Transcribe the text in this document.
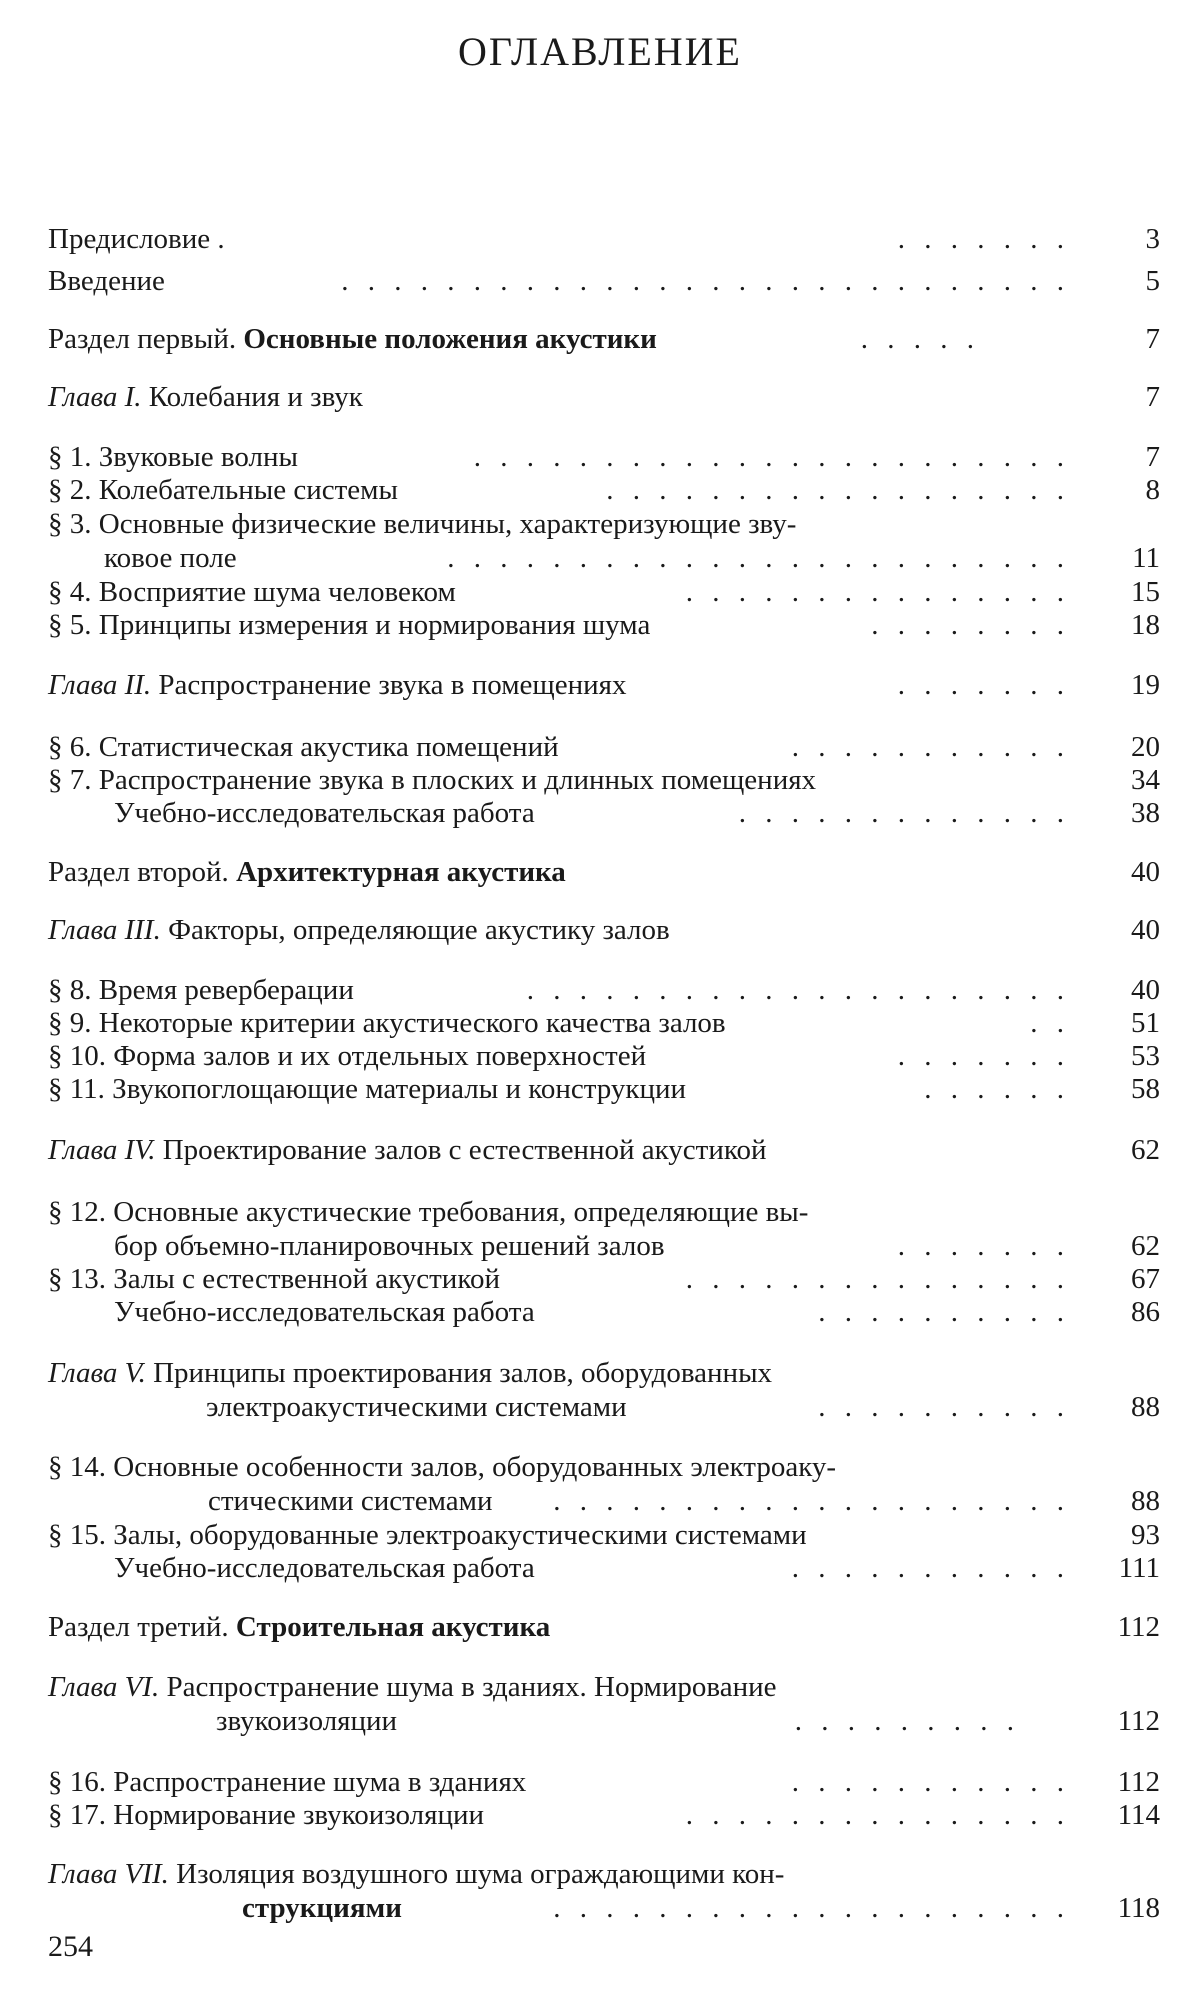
ОГЛАВЛЕНИЕ
Предисловие .	. . . . . . .	3
Введение	. . . . . . . . . . . . . . . . . . . . . . . . . . . .	5
Раздел первый. Основные положения акустики	. . . . .	7
Глава I. Колебания и звук	7
§ 1. Звуковые волны	. . . . . . . . . . . . . . . . . . . . . . .	7
§ 2. Колебательные системы	. . . . . . . . . . . . . . . . . .	8
§ 3. Основные физические величины, характеризующие зву-
ковое поле	. . . . . . . . . . . . . . . . . . . . . . . . 11
§ 4. Восприятие шума человеком	. . . . . . . . . . . . . . . 15
§ 5. Принципы измерения и нормирования шума	. . . . . . . . 18
Глава II. Распространение звука в помещениях	. . . . . . . 19
§ 6. Статистическая акустика помещений	. . . . . . . . . . . 20
§ 7. Распространение звука в плоских и длинных помещениях	34
Учебно-исследовательская работа	. . . . . . . . . . . . . 38
Раздел второй. Архитектурная акустика	40
Глава III. Факторы, определяющие акустику залов	40
§ 8. Время реверберации	. . . . . . . . . . . . . . . . . . . . . 40
§ 9. Некоторые критерии акустического качества залов	. . 51
§ 10. Форма залов и их отдельных поверхностей	. . . . . . . 53
§ 11. Звукопоглощающие материалы и конструкции	. . . . . . 58
Глава IV. Проектирование залов с естественной акустикой	62
§ 12. Основные акустические требования, определяющие вы-
бор объемно-планировочных решений залов	. . . . . . . 62
§ 13. Залы с естественной акустикой	. . . . . . . . . . . . . . . 67
Учебно-исследовательская работа	. . . . . . . . . . 86
Глава V. Принципы проектирования залов, оборудованных
электроакустическими системами	. . . . . . . . . . 88
§ 14. Основные особенности залов, оборудованных электроаку-
стическими системами	. . . . . . . . . . . . . . . . . . . . 88
§ 15. Залы, оборудованные электроакустическими системами	93
Учебно-исследовательская работа	. . . . . . . . . . . 111
Раздел третий. Строительная акустика	112
Глава VI. Распространение шума в зданиях. Нормирование
звукоизоляции	. . . . . . . . .	112
§ 16. Распространение шума в зданиях	. . . . . . . . . . . 112
§ 17. Нормирование звукоизоляции	. . . . . . . . . . . . . . . 114
Глава VII. Изоляция воздушного шума ограждающими кон-
струкциями	. . . . . . . . . . . . . . . . . . . . 118
254
